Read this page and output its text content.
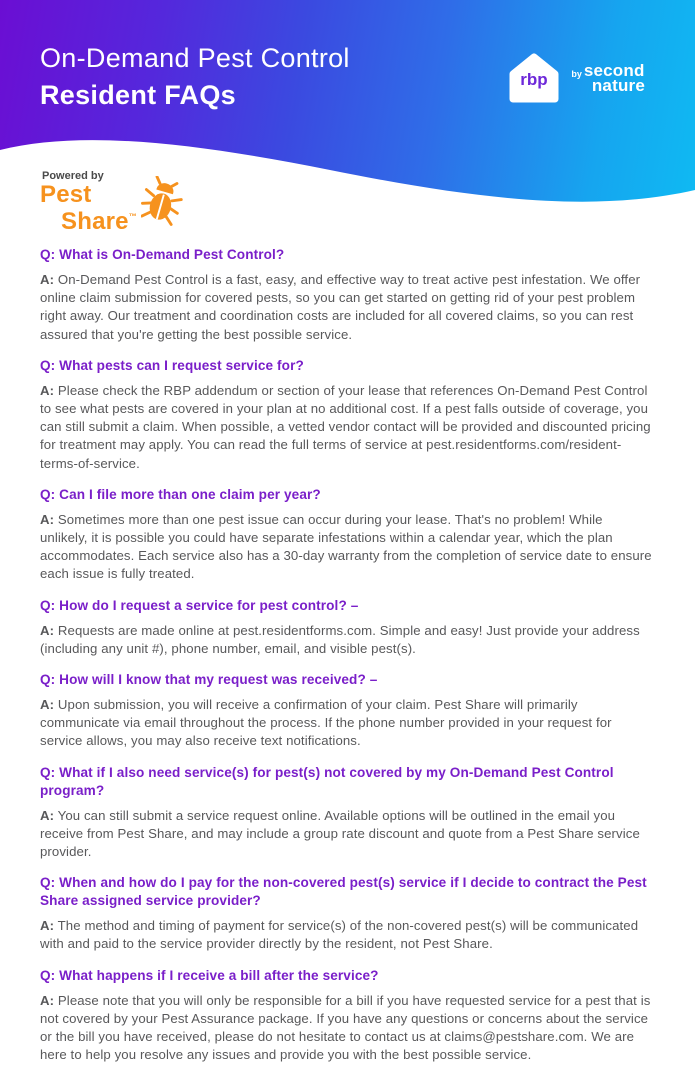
On-Demand Pest Control
Resident FAQs
rbp	by second
nature
Powered by
Pest
Share™
Q: What is On-Demand Pest Control?

A: On-Demand Pest Control is a fast, easy, and effective way to treat active pest infestation. We offer online claim submission for covered pests, so you can get started on getting rid of your pest problem right away. Our treatment and coordination costs are included for all covered claims, so you can rest assured that you're getting the best possible service.

Q: What pests can I request service for?

A: Please check the RBP addendum or section of your lease that references On-Demand Pest Control to see what pests are covered in your plan at no additional cost. If a pest falls outside of coverage, you can still submit a claim. When possible, a vetted vendor contact will be provided and discounted pricing for treatment may apply. You can read the full terms of service at pest.residentforms.com/resident-terms-of-service.

Q: Can I file more than one claim per year?

A: Sometimes more than one pest issue can occur during your lease. That's no problem! While unlikely, it is possible you could have separate infestations within a calendar year, which the plan accommodates. Each service also has a 30-day warranty from the completion of service date to ensure each issue is fully treated.

Q: How do I request a service for pest control? –

A: Requests are made online at pest.residentforms.com. Simple and easy! Just provide your address (including any unit #), phone number, email, and visible pest(s).

Q: How will I know that my request was received? –

A: Upon submission, you will receive a confirmation of your claim. Pest Share will primarily communicate via email throughout the process. If the phone number provided in your request for service allows, you may also receive text notifications.

Q: What if I also need service(s) for pest(s) not covered by my On-Demand Pest Control program?

A: You can still submit a service request online. Available options will be outlined in the email you receive from Pest Share, and may include a group rate discount and quote from a Pest Share service provider.

Q: When and how do I pay for the non-covered pest(s) service if I decide to contract the Pest Share assigned service provider?

A: The method and timing of payment for service(s) of the non-covered pest(s) will be communicated with and paid to the service provider directly by the resident, not Pest Share.

Q: What happens if I receive a bill after the service?

A: Please note that you will only be responsible for a bill if you have requested service for a pest that is not covered by your Pest Assurance package. If you have any questions or concerns about the service or the bill you have received, please do not hesitate to contact us at claims@pestshare.com. We are here to help you resolve any issues and provide you with the best possible service.
